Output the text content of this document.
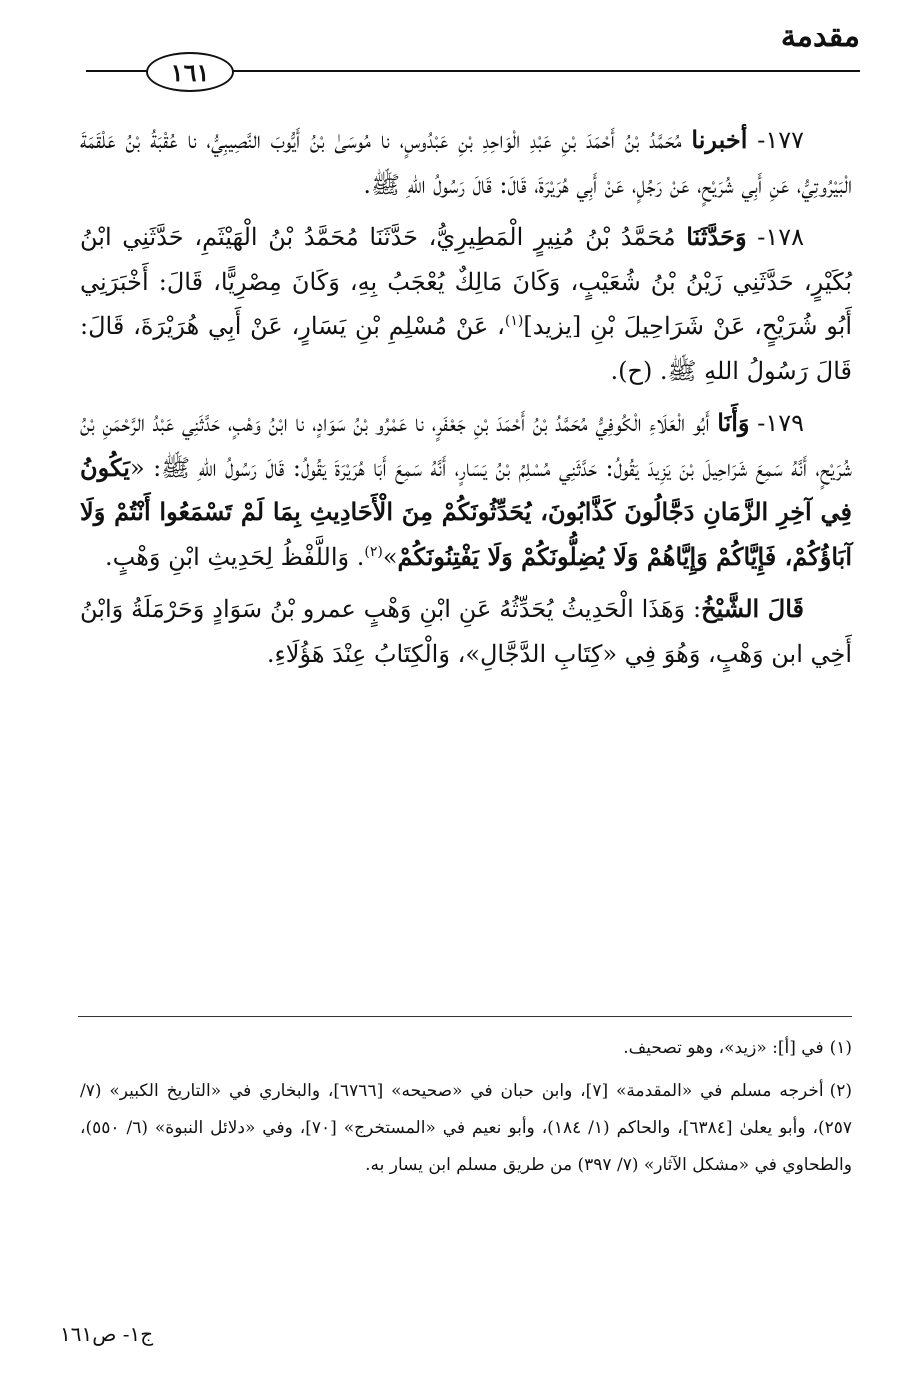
مقدمة
١٦١

١٧٧- أخبرنا مُحَمَّدُ بْنُ أَحْمَدَ بْنِ عَبْدِ الْوَاحِدِ بْنِ عَبْدُوسٍ، نا مُوسَىٰ بْنُ أَيُّوبَ النَّصِيبِيُّ، نا عُقْبَةُ بْنُ عَلْقَمَةَ الْبَيْرُوتِيُّ، عَنِ أَبِي شُرَيْحٍ، عَنْ رَجُلٍ، عَنْ أَبِي هُرَيْرَةَ، قَالَ: قَالَ رَسُولُ اللهِ ﷺ.

١٧٨- وَحَدَّثَنَا مُحَمَّدُ بْنُ مُنِيرٍ الْمَطِيرِيُّ، حَدَّثَنَا مُحَمَّدُ بْنُ الْهَيْثَمِ، حَدَّثَنِي ابْنُ بُكَيْرٍ، حَدَّثَنِي زَيْنُ بْنُ شُعَيْبٍ، وَكَانَ مَالِكٌ يُعْجَبُ بِهِ، وَكَانَ مِصْرِيًّا، قَالَ: أَخْبَرَنِي أَبُو شُرَيْحٍ، عَنْ شَرَاحِيلَ بْنِ [يزيد]$^{(١)}$، عَنْ مُسْلِمِ بْنِ يَسَارٍ، عَنْ أَبِي هُرَيْرَةَ، قَالَ: قَالَ رَسُولُ اللهِ ﷺ. (ح).

١٧٩- وَأَنَا أَبُو الْعَلَاءِ الْكُوفِيُّ مُحَمَّدُ بْنُ أَحْمَدَ بْنِ جَعْفَرٍ، نا عَمْرُو بْنُ سَوَادٍ، نا ابْنُ وَهْبٍ، حَدَّثَنِي عَبْدُ الرَّحْمَنِ بْنُ شُرَيْحٍ، أَنَّهُ سَمِعَ شَرَاحِيلَ بْنَ يَزِيدَ يَقُولُ: حَدَّثَنِي مُسْلِمُ بْنُ يَسَارٍ، أَنَّهُ سَمِعَ أَبَا هُرَيْرَةَ يَقُولُ: قَالَ رَسُولُ اللهِ ﷺ: «يَكُونُ فِي آخِرِ الزَّمَانِ دَجَّالُونَ كَذَّابُونَ، يُحَدِّثُونَكُمْ مِنَ الْأَحَادِيثِ بِمَا لَمْ تَسْمَعُوا أَنْتُمْ وَلَا آبَاؤُكُمْ، فَإِيَّاكُمْ وَإِيَّاهُمْ وَلَا يُضِلُّونَكُمْ وَلَا يَفْتِنُونَكُمْ»$^{(٢)}$. وَاللَّفْظُ لِحَدِيثِ ابْنِ وَهْبٍ.

قَالَ الشَّيْخُ: وَهَذَا الْحَدِيثُ يُحَدِّثُهُ عَنِ ابْنِ وَهْبٍ عمرو بْنُ سَوَادٍ وَحَرْمَلَةُ وَابْنُ أَخِي ابن وَهْبٍ، وَهُوَ فِي «كِتَابِ الدَّجَّالِ»، وَالْكِتَابُ عِنْدَ هَؤُلَاءِ.

(١)في [أ]: «زيد»، وهو تصحيف.

(٢)أخرجه مسلم في «المقدمة» [٧]، وابن حبان في «صحيحه» [٦٧٦٦]، والبخاري في «التاريخ الكبير» (٧/ ٢٥٧)، وأبو يعلىٰ [٦٣٨٤]، والحاكم (١/ ١٨٤)، وأبو نعيم في «المستخرج» [٧٠]، وفي «دلائل النبوة» (٦/ ٥٥٠)، والطحاوي في «مشكل الآثار» (٧/ ٣٩٧) من طريق مسلم ابن يسار به.

ج١- ص١٦١
